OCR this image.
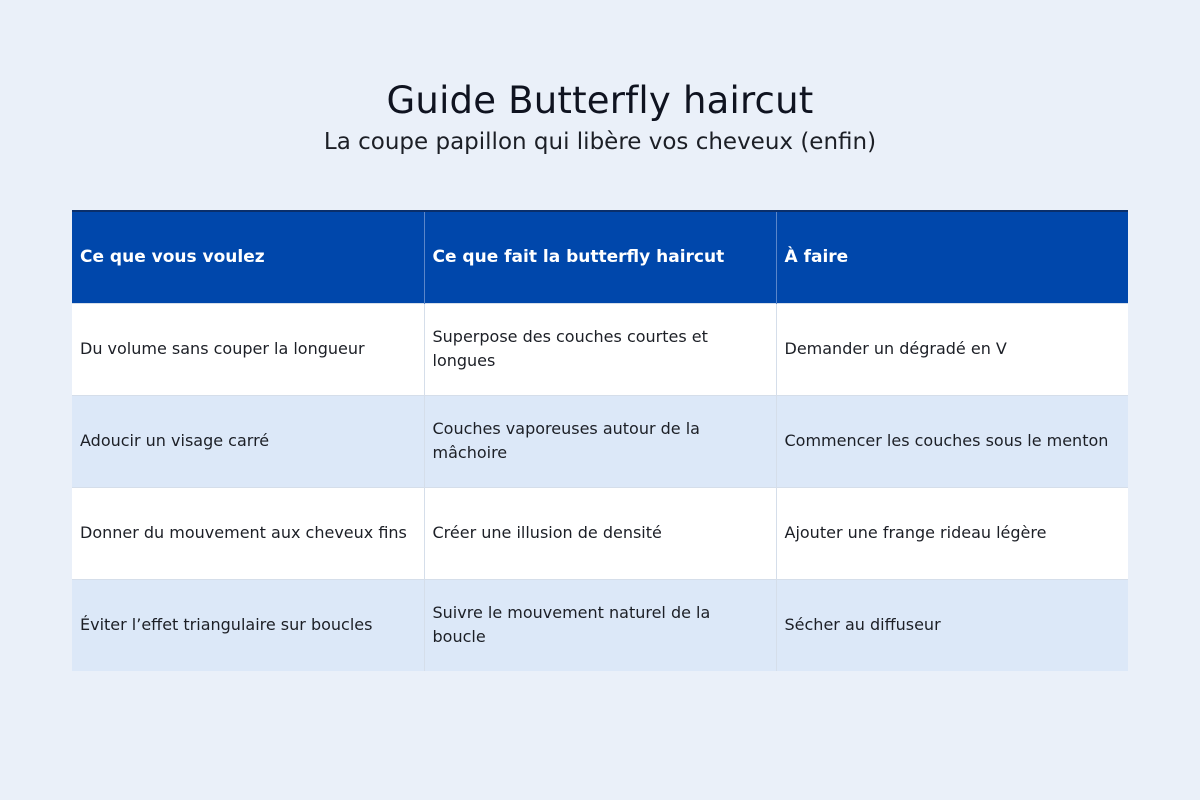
Guide Butterfly haircut

La coupe papillon qui libère vos cheveux (enfin)

Ce que vous voulez	Ce que fait la butterfly haircut	À faire
Du volume sans couper la longueur	Superpose des couches courtes et longues	Demander un dégradé en V
Adoucir un visage carré	Couches vaporeuses autour de la mâchoire	Commencer les couches sous le menton
Donner du mouvement aux cheveux fins	Créer une illusion de densité	Ajouter une frange rideau légère
Éviter l’effet triangulaire sur boucles	Suivre le mouvement naturel de la boucle	Sécher au diffuseur
